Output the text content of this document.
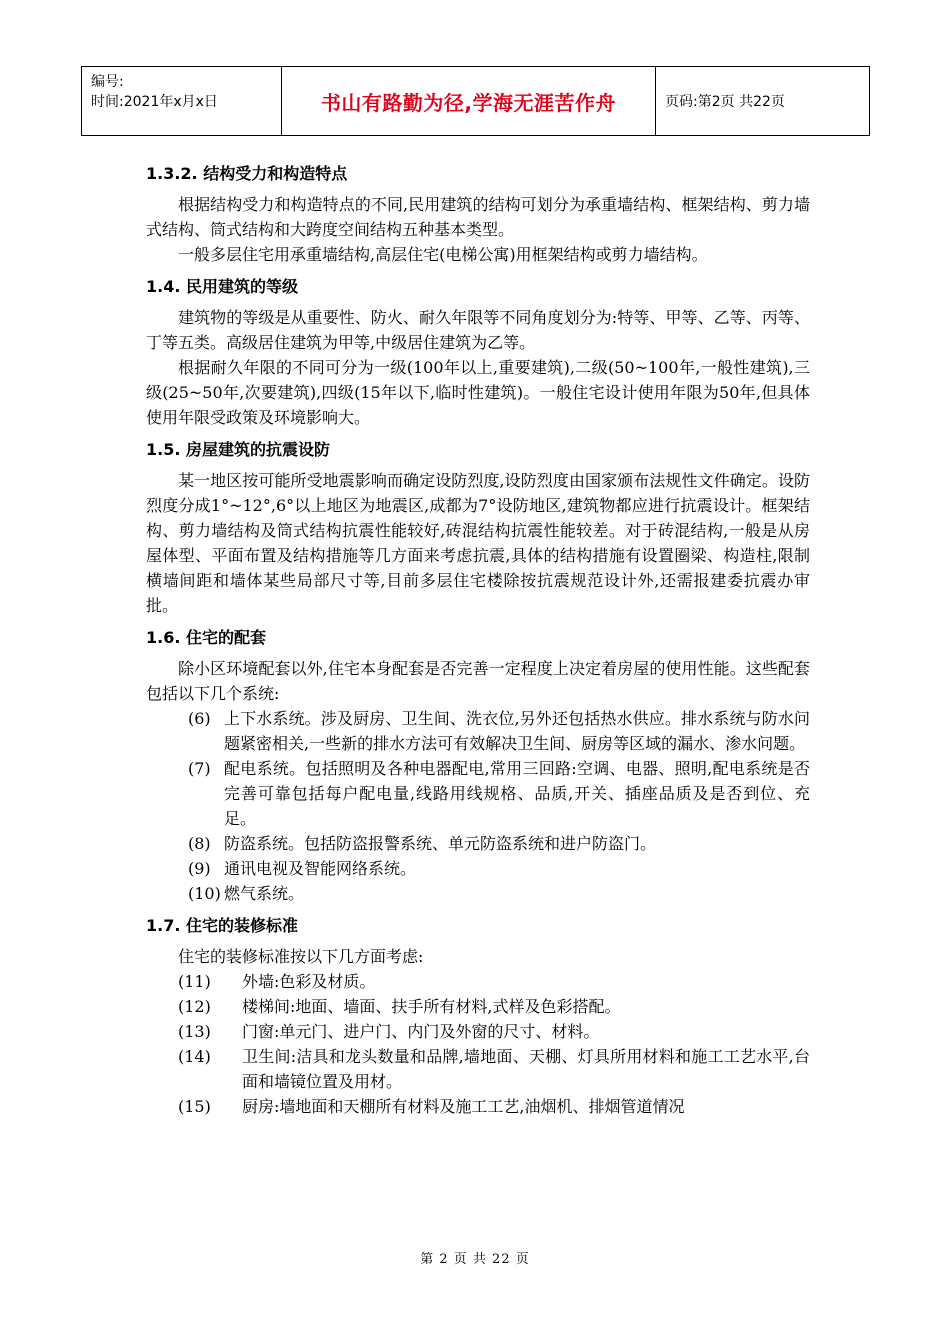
编号:
时间:2021年x月x日	书山有路勤为径,学海无涯苦作舟	页码:第2页 共22页
1.3.2. 结构受力和构造特点

根据结构受力和构造特点的不同,民用建筑的结构可划分为承重墙结构、框架结构、剪力墙式结构、筒式结构和大跨度空间结构五种基本类型。

一般多层住宅用承重墙结构,高层住宅(电梯公寓)用框架结构或剪力墙结构。

1.4. 民用建筑的等级

建筑物的等级是从重要性、防火、耐久年限等不同角度划分为:特等、甲等、乙等、丙等、丁等五类。高级居住建筑为甲等,中级居住建筑为乙等。

根据耐久年限的不同可分为一级(100年以上,重要建筑),二级(50~100年,一般性建筑),三级(25~50年,次要建筑),四级(15年以下,临时性建筑)。一般住宅设计使用年限为50年,但具体使用年限受政策及环境影响大。

1.5. 房屋建筑的抗震设防

某一地区按可能所受地震影响而确定设防烈度,设防烈度由国家颁布法规性文件确定。设防烈度分成1°~12°,6°以上地区为地震区,成都为7°设防地区,建筑物都应进行抗震设计。框架结构、剪力墙结构及筒式结构抗震性能较好,砖混结构抗震性能较差。对于砖混结构,一般是从房屋体型、平面布置及结构措施等几方面来考虑抗震,具体的结构措施有设置圈梁、构造柱,限制横墙间距和墙体某些局部尺寸等,目前多层住宅楼除按抗震规范设计外,还需报建委抗震办审批。

1.6. 住宅的配套

除小区环境配套以外,住宅本身配套是否完善一定程度上决定着房屋的使用性能。这些配套包括以下几个系统:

(6) 上下水系统。涉及厨房、卫生间、洗衣位,另外还包括热水供应。排水系统与防水问题紧密相关,一些新的排水方法可有效解决卫生间、厨房等区域的漏水、渗水问题。
(7) 配电系统。包括照明及各种电器配电,常用三回路:空调、电器、照明,配电系统是否完善可靠包括每户配电量,线路用线规格、品质,开关、插座品质及是否到位、充足。
(8) 防盗系统。包括防盗报警系统、单元防盗系统和进户防盗门。
(9) 通讯电视及智能网络系统。
(10) 燃气系统。
1.7. 住宅的装修标准

住宅的装修标准按以下几方面考虑:

(11) 外墙:色彩及材质。
(12) 楼梯间:地面、墙面、扶手所有材料,式样及色彩搭配。
(13) 门窗:单元门、进户门、内门及外窗的尺寸、材料。
(14) 卫生间:洁具和龙头数量和品牌,墙地面、天棚、灯具所用材料和施工工艺水平,台面和墙镜位置及用材。
(15) 厨房:墙地面和天棚所有材料及施工工艺,油烟机、排烟管道情况
第 2 页 共 22 页
